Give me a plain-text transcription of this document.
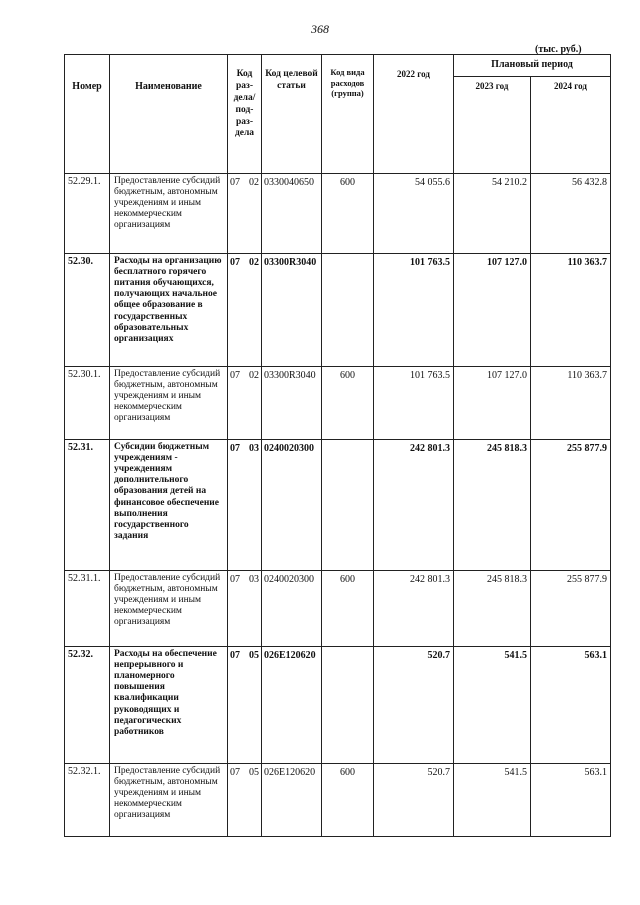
368
(тыс. руб.)
Номер	Наименование	Код раз-дела/ под-раз-дела	Код целевой статьи	Код вида расходов (группа)	2022 год	Плановый период	
						2023 год	2024 год
52.29.1.	Предоставление субсидий бюджетным, автономным учреждениям и иным некоммерческим организациям	07 02	0330040650	600	54 055.6	54 210.2	56 432.8
52.30.	Расходы на организацию бесплатного горячего питания обучающихся, получающих начальное общее образование в государственных образовательных организациях	07 02	03300R3040		101 763.5	107 127.0	110 363.7
52.30.1.	Предоставление субсидий бюджетным, автономным учреждениям и иным некоммерческим организациям	07 02	03300R3040	600	101 763.5	107 127.0	110 363.7
52.31.	Субсидии бюджетным учреждениям - учреждениям дополнительного образования детей на финансовое обеспечение выполнения государственного задания	07 03	0240020300		242 801.3	245 818.3	255 877.9
52.31.1.	Предоставление субсидий бюджетным, автономным учреждениям и иным некоммерческим организациям	07 03	0240020300	600	242 801.3	245 818.3	255 877.9
52.32.	Расходы на обеспечение непрерывного и планомерного повышения квалификации руководящих и педагогических работников	07 05	026E120620		520.7	541.5	563.1
52.32.1.	Предоставление субсидий бюджетным, автономным учреждениям и иным некоммерческим организациям	07 05	026E120620	600	520.7	541.5	563.1
